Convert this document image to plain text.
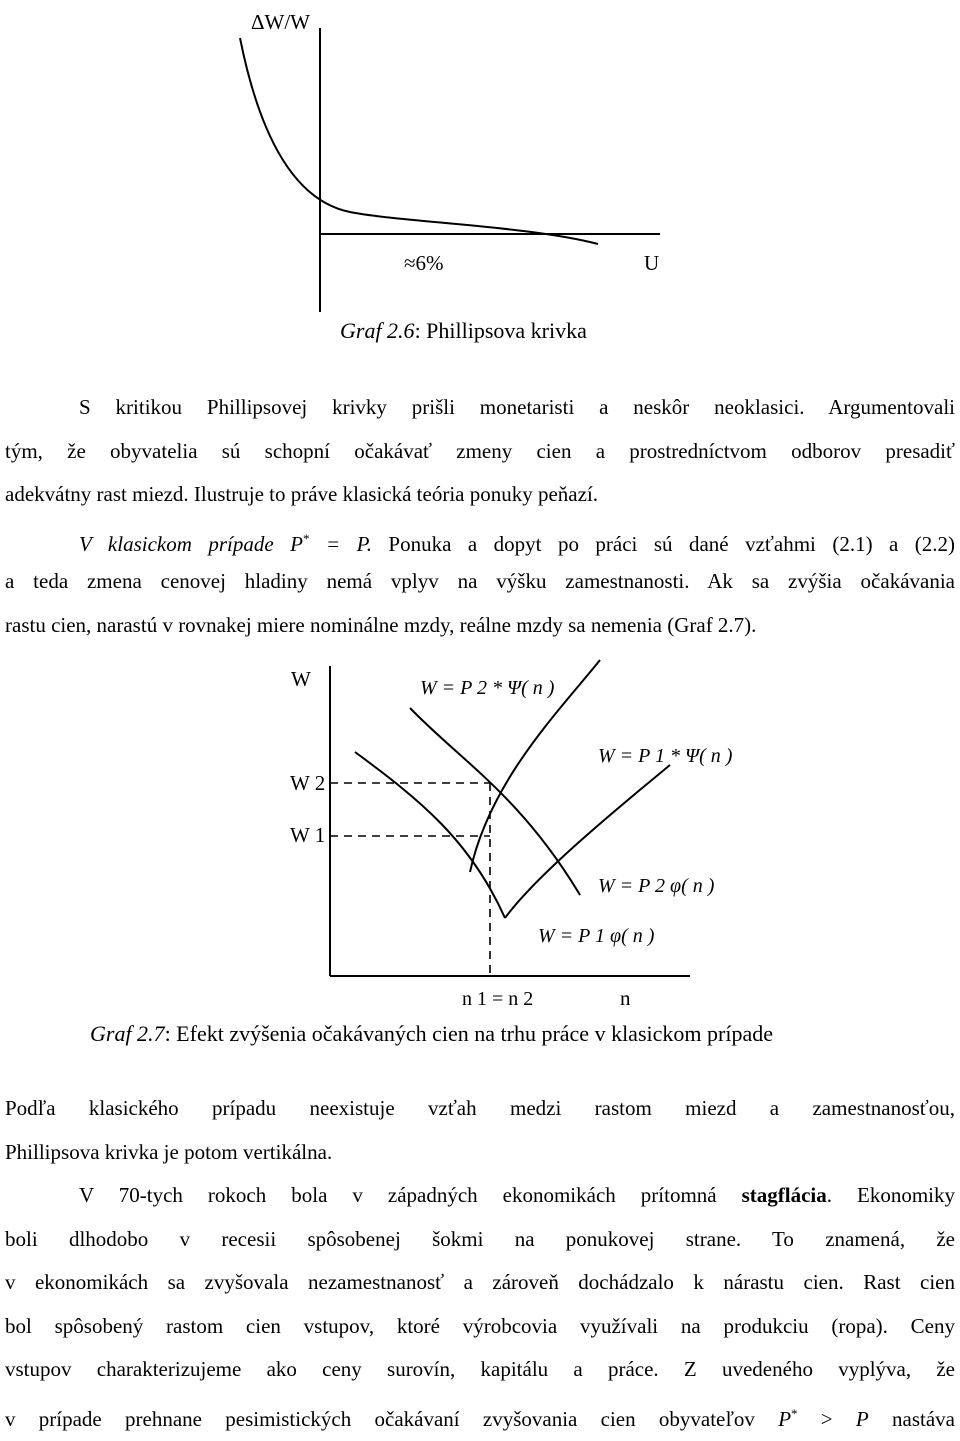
ΔW/W
≈6%	U
Graf 2.6: Phillipsova krivka
S kritikou Phillipsovej krivky prišli monetaristi a neskôr neoklasici. Argumentovali
tým, že obyvatelia sú schopní očakávať zmeny cien a prostredníctvom odborov presadiť
adekvátny rast miezd. Ilustruje to práve klasická teória ponuky peňazí.
V klasickom prípade P* = P. Ponuka a dopyt po práci sú dané vzťahmi (2.1) a (2.2)
a teda zmena cenovej hladiny nemá vplyv na výšku zamestnanosti. Ak sa zvýšia očakávania
rastu cien, narastú v rovnakej miere nominálne mzdy, reálne mzdy sa nemenia (Graf 2.7).
W
W 2
W 1
W = P 2 * Ψ( n )
W = P 1 * Ψ( n )
W = P 2 φ( n )
W = P 1 φ( n )
n 1 = n 2	n
Graf 2.7: Efekt zvýšenia očakávaných cien na trhu práce v klasickom prípade
Podľa klasického prípadu neexistuje vzťah medzi rastom miezd a zamestnanosťou,
Phillipsova krivka je potom vertikálna.
V 70-tych rokoch bola v západných ekonomikách prítomná stagflácia. Ekonomiky
boli dlhodobo v recesii spôsobenej šokmi na ponukovej strane. To znamená, že
v ekonomikách sa zvyšovala nezamestnanosť a zároveň dochádzalo k nárastu cien. Rast cien
bol spôsobený rastom cien vstupov, ktoré výrobcovia využívali na produkciu (ropa). Ceny
vstupov charakterizujeme ako ceny surovín, kapitálu a práce. Z uvedeného vyplýva, že
v prípade prehnane pesimistických očakávaní zvyšovania cien obyvateľov P* > P nastáva
